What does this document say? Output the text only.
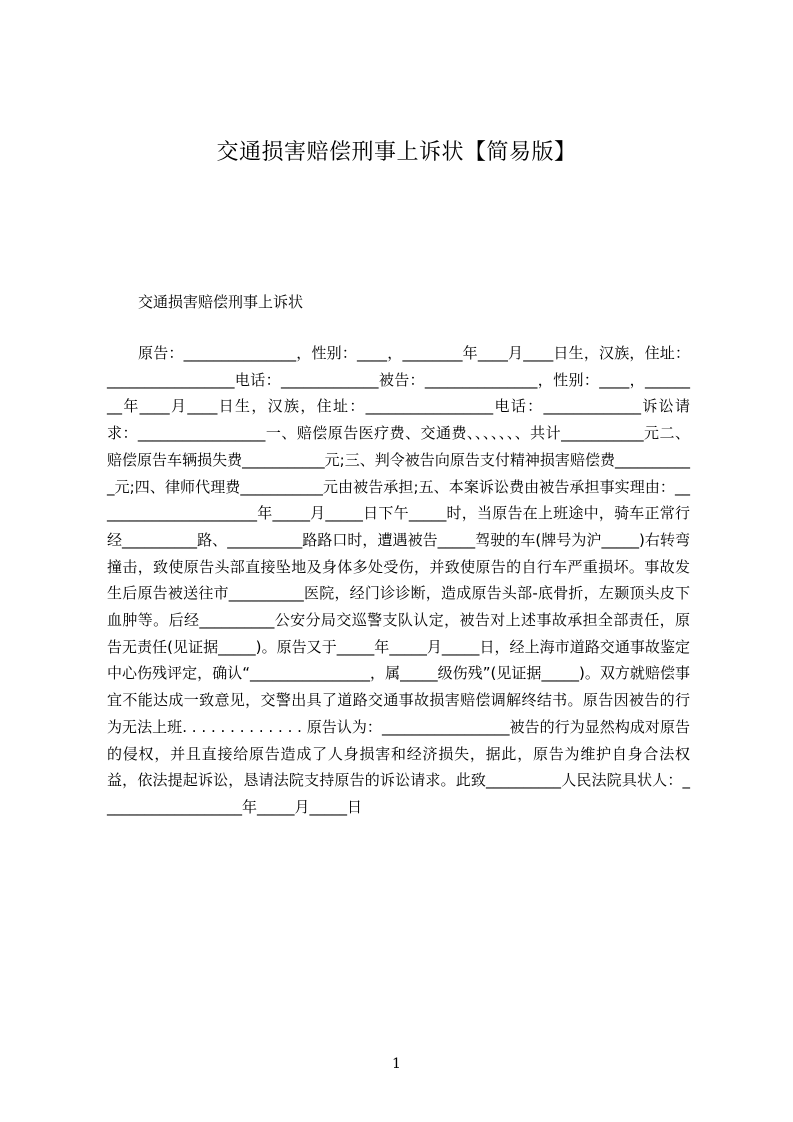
交通损害赔偿刑事上诉状【简易版】
交通损害赔偿刑事上诉状
原告：_______________，性别：____，________年____月____日生，汉族，住址：_________________电话：_____________被告：_______________，性别：____，________年____月____日生，汉族，住址：_________________电话：_____________诉讼请求：_________________一、赔偿原告医疗费、交通费、、、、、、、共计___________元二、赔偿原告车辆损失费___________元;三、判令被告向原告支付精神损害赔偿费___________元;四、律师代理费___________元由被告承担;五、本案诉讼费由被告承担事实理由：______________________年_____月_____日下午_____时，当原告在上班途中，骑车正常行经__________路、__________路路口时，遭遇被告_____驾驶的车(牌号为沪_____)右转弯撞击，致使原告头部直接坠地及身体多处受伤，并致使原告的自行车严重损坏。事故发生后原告被送往市__________医院，经门诊诊断，造成原告头部-底骨折，左颞顶头皮下血肿等。后经__________公安分局交巡警支队认定，被告对上述事故承担全部责任，原告无责任(见证据_____)。原告又于_____年_____月_____日，经上海市道路交通事故鉴定中心伤残评定，确认“________________，属_____级伤残”(见证据_____)。双方就赔偿事宜不能达成一致意见，交警出具了道路交通事故损害赔偿调解终结书。原告因被告的行为无法上班. . . . . . . . . . . . . 原告认为：_________________被告的行为显然构成对原告的侵权，并且直接给原告造成了人身损害和经济损失，据此，原告为维护自身合法权益，依法提起诉讼，恳请法院支持原告的诉讼请求。此致__________人民法院具状人：___________________年_____月_____日
1
